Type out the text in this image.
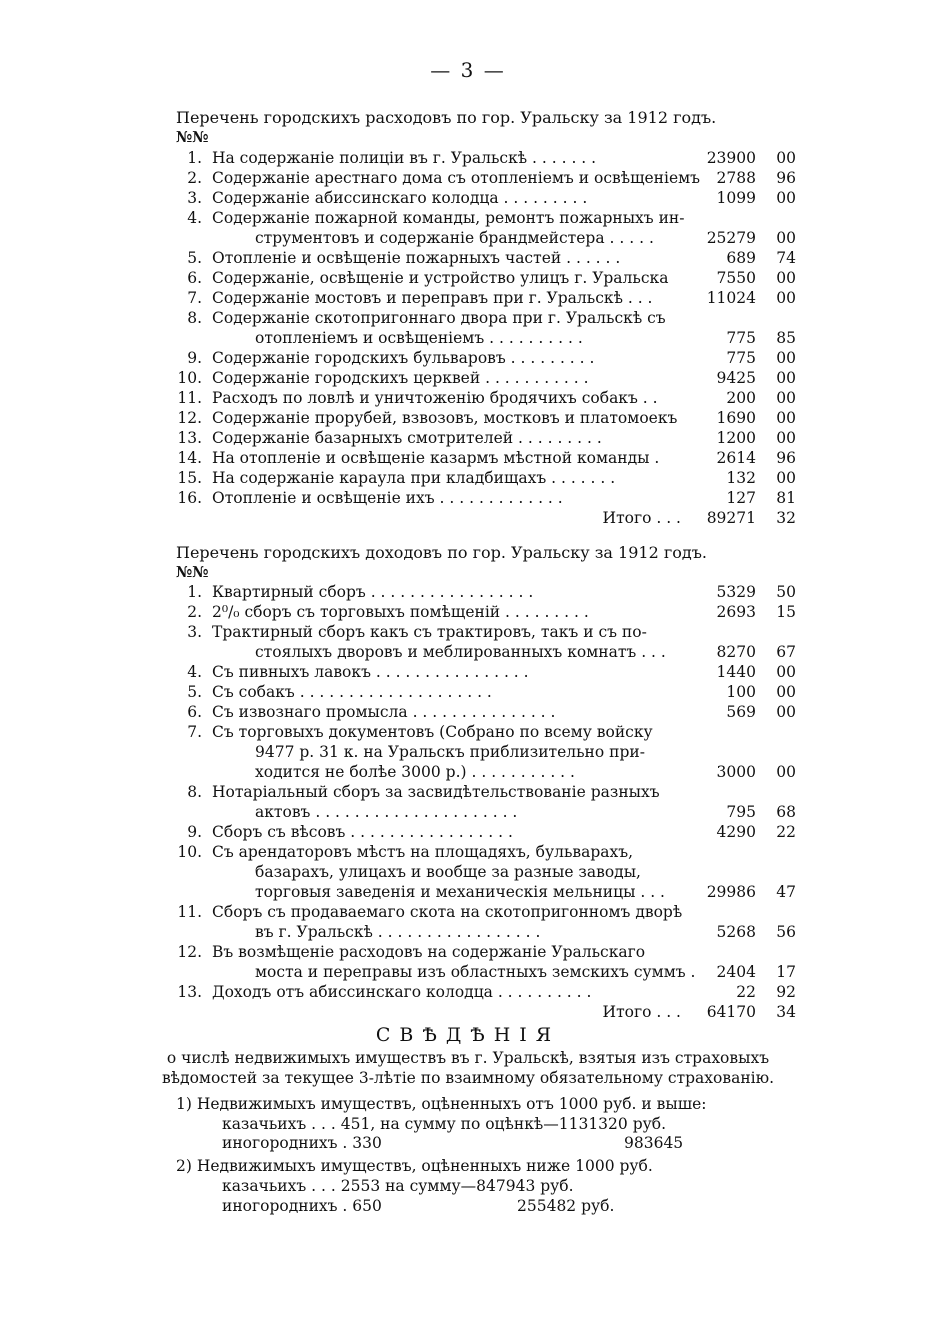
— 3 —
Перечень городскихъ расходовъ по гор. Уральску за 1912 годъ.
№№
1. На содержаніе полиціи въ г. Уральскѣ . . . . . . .	23900 00
2. Содержаніе арестнаго дома съ отопленіемъ и освѣщеніемъ 2788 96
3. Содержаніе абиссинскаго колодца . . . . . . . . .	1099 00
4. Содержаніе пожарной команды, ремонтъ пожарныхъ ин-
струментовъ и содержаніе брандмейстера . . . . .	25279 00
5. Отопленіе и освѣщеніе пожарныхъ частей . . . . . .	689 74
6. Содержаніе, освѣщеніе и устройство улицъ г. Уральска	7550 00
7. Содержаніе мостовъ и переправъ при г. Уральскѣ . . .	11024 00
8. Содержаніе скотопригоннаго двора при г. Уральскѣ съ
отопленіемъ и освѣщеніемъ . . . . . . . . . .	775 85
9. Содержаніе городскихъ бульваровъ . . . . . . . . .	775 00
10. Содержаніе городскихъ церквей . . . . . . . . . . .	9425 00
11. Расходъ по ловлѣ и уничтоженію бродячихъ собакъ . .	200 00
12. Содержаніе прорубей, взвозовъ, мостковъ и платомоекъ	1690 00
13. Содержаніе базарныхъ смотрителей . . . . . . . . .	1200 00
14. На отопленіе и освѣщеніе казармъ мѣстной команды .	2614 96
15. На содержаніе караула при кладбищахъ . . . . . . .	132 00
16. Отопленіе и освѣщеніе ихъ . . . . . . . . . . . . .	127 81
Итого . . . 89271 32
Перечень городскихъ доходовъ по гор. Уральску за 1912 годъ.
№№
1. Квартирный сборъ . . . . . . . . . . . . . . . . .	5329 50
2. 2⁰/₀ сборъ съ торговыхъ помѣщеній . . . . . . . . .	2693 15
3. Трактирный сборъ какъ съ трактировъ, такъ и съ по-
стоялыхъ дворовъ и меблированныхъ комнатъ . . .	8270 67
4. Съ пивныхъ лавокъ . . . . . . . . . . . . . . . .	1440 00
5. Съ собакъ . . . . . . . . . . . . . . . . . . . .	100 00
6. Съ извознаго промысла . . . . . . . . . . . . . . .	569 00
7. Съ торговыхъ документовъ (Собрано по всему войску
9477 р. 31 к. на Уральскъ приблизительно при-
ходится не болѣе 3000 р.) . . . . . . . . . . .	3000 00
8. Нотаріальный сборъ за засвидѣтельствованіе разныхъ
актовъ . . . . . . . . . . . . . . . . . . . . .	795 68
9. Сборъ съ вѣсовъ . . . . . . . . . . . . . . . . .	4290 22
10. Съ арендаторовъ мѣстъ на площадяхъ, бульварахъ,
базарахъ, улицахъ и вообще за разные заводы,
торговыя заведенія и механическія мельницы . . .	29986 47
11. Сборъ съ продаваемаго скота на скотопригонномъ дворѣ
въ г. Уральскѣ . . . . . . . . . . . . . . . . .	5268 56
12. Въ возмѣщеніе расходовъ на содержаніе Уральскаго
моста и переправы изъ областныхъ земскихъ суммъ . 2404 17
13. Доходъ отъ абиссинскаго колодца . . . . . . . . . .	22 92
Итого . . . 64170 34
СВѢДѢНІЯ
о числѣ недвижимыхъ имуществъ въ г. Уральскѣ, взятыя изъ страховыхъ
вѣдомостей за текущее 3-лѣтіе по взаимному обязательному страхованію.
1) Недвижимыхъ имуществъ, оцѣненныхъ отъ 1000 руб. и выше:
казачьихъ . . . 451, на сумму по оцѣнкѣ—1131320 руб.
иногороднихъ . 330	983645
2) Недвижимыхъ имуществъ, оцѣненныхъ ниже 1000 руб.
казачьихъ . . . 2553 на сумму—847943 руб.
иногороднихъ . 650	255482 руб.
